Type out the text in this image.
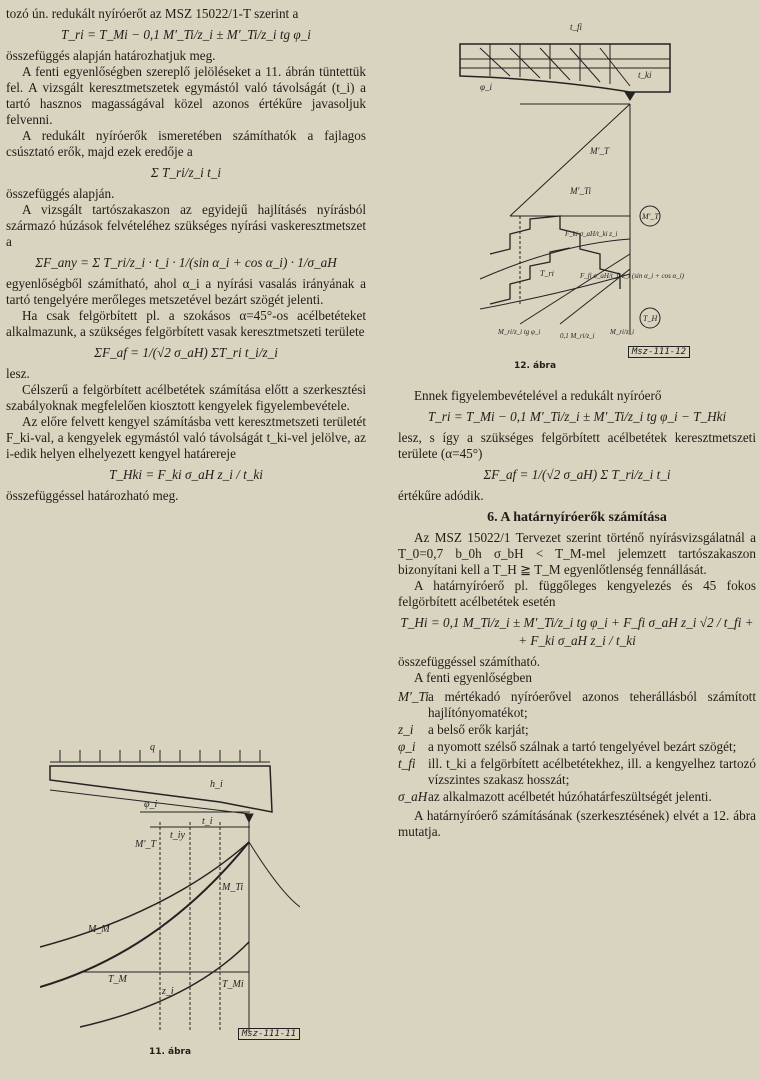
tozó ún. redukált nyíróerőt az MSZ 15022/1-T szerint a

T_ri = T_Mi − 0,1 M′_Ti/z_i ± M′_Ti/z_i tg φ_i

összefüggés alapján határozhatjuk meg.

A fenti egyenlőségben szereplő jelöléseket a 11. ábrán tüntettük fel. A vizsgált keresztmetszetek egymástól való távolságát (t_i) a tartó hasznos magasságával közel azonos értékűre javasoljuk felvenni.

A redukált nyíróerők ismeretében számíthatók a fajlagos csúsztató erők, majd ezek eredője a

Σ T_ri/z_i t_i

összefüggés alapján.

A vizsgált tartószakaszon az egyidejű hajlításés nyírásból származó húzások felvételéhez szükséges nyírási vaskeresztmetszet a

ΣF_any = Σ T_ri/z_i · t_i · 1/(sin α_i + cos α_i) · 1/σ_aH

egyenlőségből számítható, ahol α_i a nyírási vasalás irányának a tartó tengelyére merőleges metszetével bezárt szögét jelenti.

Ha csak felgörbített pl. a szokásos α=45°-os acélbetéteket alkalmazunk, a szükséges felgörbített vasak keresztmetszeti területe

ΣF_af = 1/(√2 σ_aH) ΣT_ri t_i/z_i

lesz.

Célszerű a felgörbített acélbetétek számítása előtt a szerkesztési szabályoknak megfelelően kiosztott kengyelek figyelembevétele.

Az előre felvett kengyel számításba vett keresztmetszeti területét F_ki-val, a kengyelek egymástól való távolságát t_ki-vel jelölve, az i-edik helyen elhelyezett kengyel határereje

T_Hki = F_ki σ_aH z_i / t_ki

összefüggéssel határozható meg.

q
h_i
φ_i
t_i
t_iy
M′_T
M_M
M_Ti
T_M
z_i
T_Mi
Msz-111-11
11. ábra
t_fi
t_ki
φ_i
M′_T
M′_Ti
M′_T
T_H
F_ki σ_aH/t_ki z_i
F_fi σ_aH/t_fi z_i (sin α_i + cos α_i)
T_ri
M_ri/z_i tg φ_i	M_ri/z_i
0,1 M_ri/z_i
Msz-111-12
12. ábra

Ennek figyelembevételével a redukált nyíróerő

T_ri = T_Mi − 0,1 M′_Ti/z_i ± M′_Ti/z_i tg φ_i − T_Hki

lesz, s így a szükséges felgörbített acélbetétek keresztmetszeti területe (α=45°)

ΣF_af = 1/(√2 σ_aH) Σ T_ri/z_i t_i

értékűre adódik.

6. A határnyíróerők számítása

Az MSZ 15022/1 Tervezet szerint történő nyírásvizsgálatnál a T_0=0,7 b_0h σ_bH < T_M-mel jelemzett tartószakaszon bizonyítani kell a T_H ≧ T_M egyenlőtlenség fennállását.

A határnyíróerő pl. függőleges kengyelezés és 45 fokos felgörbített acélbetétek esetén

T_Hi = 0,1 M_Ti/z_i ± M′_Ti/z_i tg φ_i + F_fi σ_aH z_i √2 / t_fi +
+ F_ki σ_aH z_i / t_ki

összefüggéssel számítható.

A fenti egyenlőségben

M′_Ti a mértékadó nyíróerővel azonos teherállásból számított hajlítónyomatékot;
z_i	a belső erők karját;
φ_i a nyomott szélső szálnak a tartó tengelyével bezárt szögét;
t_fi ill. t_ki a felgörbített acélbetétekhez, ill. a kengyelhez tartozó vízszintes szakasz hosszát;
σ_aH az alkalmazott acélbetét húzóhatárfeszültségét jelenti.

A határnyíróerő számításának (szerkesztésének) elvét a 12. ábra mutatja.
